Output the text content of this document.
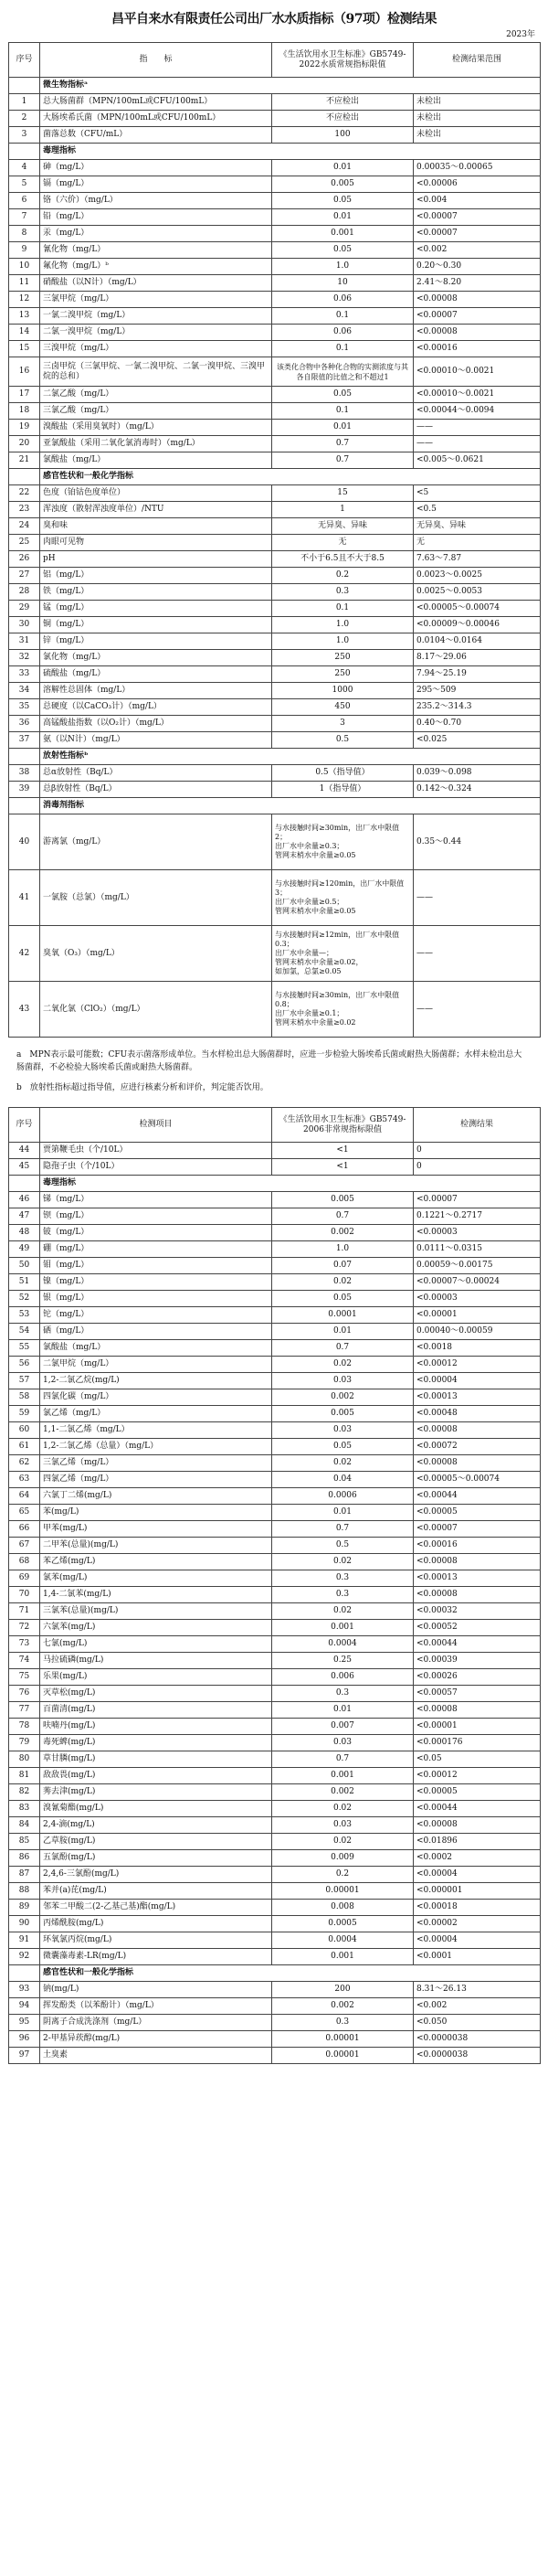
昌平自来水有限责任公司出厂水水质指标（97项）检测结果
2023年
序号	指　　标	《生活饮用水卫生标准》GB5749-2022水质常规指标限值	检测结果范围
	微生物指标ᵃ		
1	总大肠菌群（MPN/100mL或CFU/100mL）	不应检出	未检出
2	大肠埃希氏菌（MPN/100mL或CFU/100mL）	不应检出	未检出
3	菌落总数（CFU/mL）	100	未检出
	毒理指标		
4	砷（mg/L）	0.01	0.00035～0.00065
5	镉（mg/L）	0.005	<0.00006
6	铬（六价）（mg/L）	0.05	<0.004
7	铅（mg/L）	0.01	<0.00007
8	汞（mg/L）	0.001	<0.00007
9	氰化物（mg/L）	0.05	<0.002
10	氟化物（mg/L）ᵇ	1.0	0.20～0.30
11	硝酸盐（以N计）（mg/L）	10	2.41～8.20
12	三氯甲烷（mg/L）	0.06	<0.00008
13	一氯二溴甲烷（mg/L）	0.1	<0.00007
14	二氯一溴甲烷（mg/L）	0.06	<0.00008
15	三溴甲烷（mg/L）	0.1	<0.00016
16	三卤甲烷（三氯甲烷、一氯二溴甲烷、二氯一溴甲烷、三溴甲烷的总和）	该类化合物中各种化合物的实测浓度与其各自限值的比值之和不超过1	<0.00010～0.0021
17	二氯乙酸（mg/L）	0.05	<0.00010～0.0021
18	三氯乙酸（mg/L）	0.1	<0.00044～0.0094
19	溴酸盐（采用臭氧时）（mg/L）	0.01	——
20	亚氯酸盐（采用二氧化氯消毒时）（mg/L）	0.7	——
21	氯酸盐（mg/L）	0.7	<0.005～0.0621
	感官性状和一般化学指标		
22	色度（铂钴色度单位）	15	<5
23	浑浊度（散射浑浊度单位）/NTU	1	<0.5
24	臭和味	无异臭、异味	无异臭、异味
25	肉眼可见物	无	无
26	pH	不小于6.5且不大于8.5	7.63～7.87
27	铝（mg/L）	0.2	0.0023～0.0025
28	铁（mg/L）	0.3	0.0025～0.0053
29	锰（mg/L）	0.1	<0.00005～0.00074
30	铜（mg/L）	1.0	<0.00009～0.00046
31	锌（mg/L）	1.0	0.0104～0.0164
32	氯化物（mg/L）	250	8.17～29.06
33	硫酸盐（mg/L）	250	7.94～25.19
34	溶解性总固体（mg/L）	1000	295～509
35	总硬度（以CaCO₃计）（mg/L）	450	235.2～314.3
36	高锰酸盐指数（以O₂计）（mg/L）	3	0.40～0.70
37	氨（以N计）（mg/L）	0.5	<0.025
	放射性指标ᵇ		
38	总α放射性（Bq/L）	0.5（指导值）	0.039～0.098
39	总β放射性（Bq/L）	1（指导值）	0.142～0.324
	消毒剂指标		
40	游离氯（mg/L）	与水接触时间≥30min，出厂水中限值2；
出厂水中余量≥0.3；
管网末梢水中余量≥0.05	0.35～0.44
41	一氯胺（总氯）（mg/L）	与水接触时间≥120min，出厂水中限值3；
出厂水中余量≥0.5；
管网末梢水中余量≥0.05	——
42	臭氧（O₃）（mg/L）	与水接触时间≥12min，出厂水中限值0.3；
出厂水中余量—；
管网末梢水中余量≥0.02，
如加氯，总氯≥0.05	——
43	二氧化氯（ClO₂）（mg/L）	与水接触时间≥30min，出厂水中限值0.8；
出厂水中余量≥0.1；
管网末梢水中余量≥0.02	——

a　MPN表示最可能数；CFU表示菌落形成单位。当水样检出总大肠菌群时，应进一步检验大肠埃希氏菌或耐热大肠菌群；水样未检出总大肠菌群，不必检验大肠埃希氏菌或耐热大肠菌群。

b　放射性指标超过指导值，应进行核素分析和评价，判定能否饮用。

序号	检测项目	《生活饮用水卫生标准》GB5749-2006非常规指标限值	检测结果
44	贾第鞭毛虫（个/10L）	<1	0
45	隐孢子虫（个/10L）	<1	0
	毒理指标		
46	锑（mg/L）	0.005	<0.00007
47	钡（mg/L）	0.7	0.1221～0.2717
48	铍（mg/L）	0.002	<0.00003
49	硼（mg/L）	1.0	0.0111～0.0315
50	钼（mg/L）	0.07	0.00059～0.00175
51	镍（mg/L）	0.02	<0.00007～0.00024
52	银（mg/L）	0.05	<0.00003
53	铊（mg/L）	0.0001	<0.00001
54	硒（mg/L）	0.01	0.00040～0.00059
55	氯酸盐（mg/L）	0.7	<0.0018
56	二氯甲烷（mg/L）	0.02	<0.00012
57	1,2-二氯乙烷(mg/L)	0.03	<0.00004
58	四氯化碳（mg/L）	0.002	<0.00013
59	氯乙烯（mg/L）	0.005	<0.00048
60	1,1-二氯乙烯（mg/L）	0.03	<0.00008
61	1,2-二氯乙烯（总量）（mg/L）	0.05	<0.00072
62	三氯乙烯（mg/L）	0.02	<0.00008
63	四氯乙烯（mg/L）	0.04	<0.00005～0.00074
64	六氯丁二烯(mg/L)	0.0006	<0.00044
65	苯(mg/L)	0.01	<0.00005
66	甲苯(mg/L)	0.7	<0.00007
67	二甲苯(总量)(mg/L)	0.5	<0.00016
68	苯乙烯(mg/L)	0.02	<0.00008
69	氯苯(mg/L)	0.3	<0.00013
70	1,4-二氯苯(mg/L)	0.3	<0.00008
71	三氯苯(总量)(mg/L)	0.02	<0.00032
72	六氯苯(mg/L)	0.001	<0.00052
73	七氯(mg/L)	0.0004	<0.00044
74	马拉硫磷(mg/L)	0.25	<0.00039
75	乐果(mg/L)	0.006	<0.00026
76	灭草松(mg/L)	0.3	<0.00057
77	百菌清(mg/L)	0.01	<0.00008
78	呋喃丹(mg/L)	0.007	<0.00001
79	毒死蜱(mg/L)	0.03	<0.000176
80	草甘膦(mg/L)	0.7	<0.05
81	敌敌畏(mg/L)	0.001	<0.00012
82	莠去津(mg/L)	0.002	<0.00005
83	溴氰菊酯(mg/L)	0.02	<0.00044
84	2,4-滴(mg/L)	0.03	<0.00008
85	乙草胺(mg/L)	0.02	<0.01896
86	五氯酚(mg/L)	0.009	<0.0002
87	2,4,6-三氯酚(mg/L)	0.2	<0.00004
88	苯并(a)芘(mg/L)	0.00001	<0.000001
89	邻苯二甲酸二(2-乙基己基)酯(mg/L)	0.008	<0.00018
90	丙烯酰胺(mg/L)	0.0005	<0.00002
91	环氧氯丙烷(mg/L)	0.0004	<0.00004
92	微囊藻毒素-LR(mg/L)	0.001	<0.0001
	感官性状和一般化学指标		
93	钠(mg/L)	200	8.31～26.13
94	挥发酚类（以苯酚计）（mg/L）	0.002	<0.002
95	阴离子合成洗涤剂（mg/L）	0.3	<0.050
96	2-甲基异莰醇(mg/L)	0.00001	<0.0000038
97	土臭素	0.00001	<0.0000038
